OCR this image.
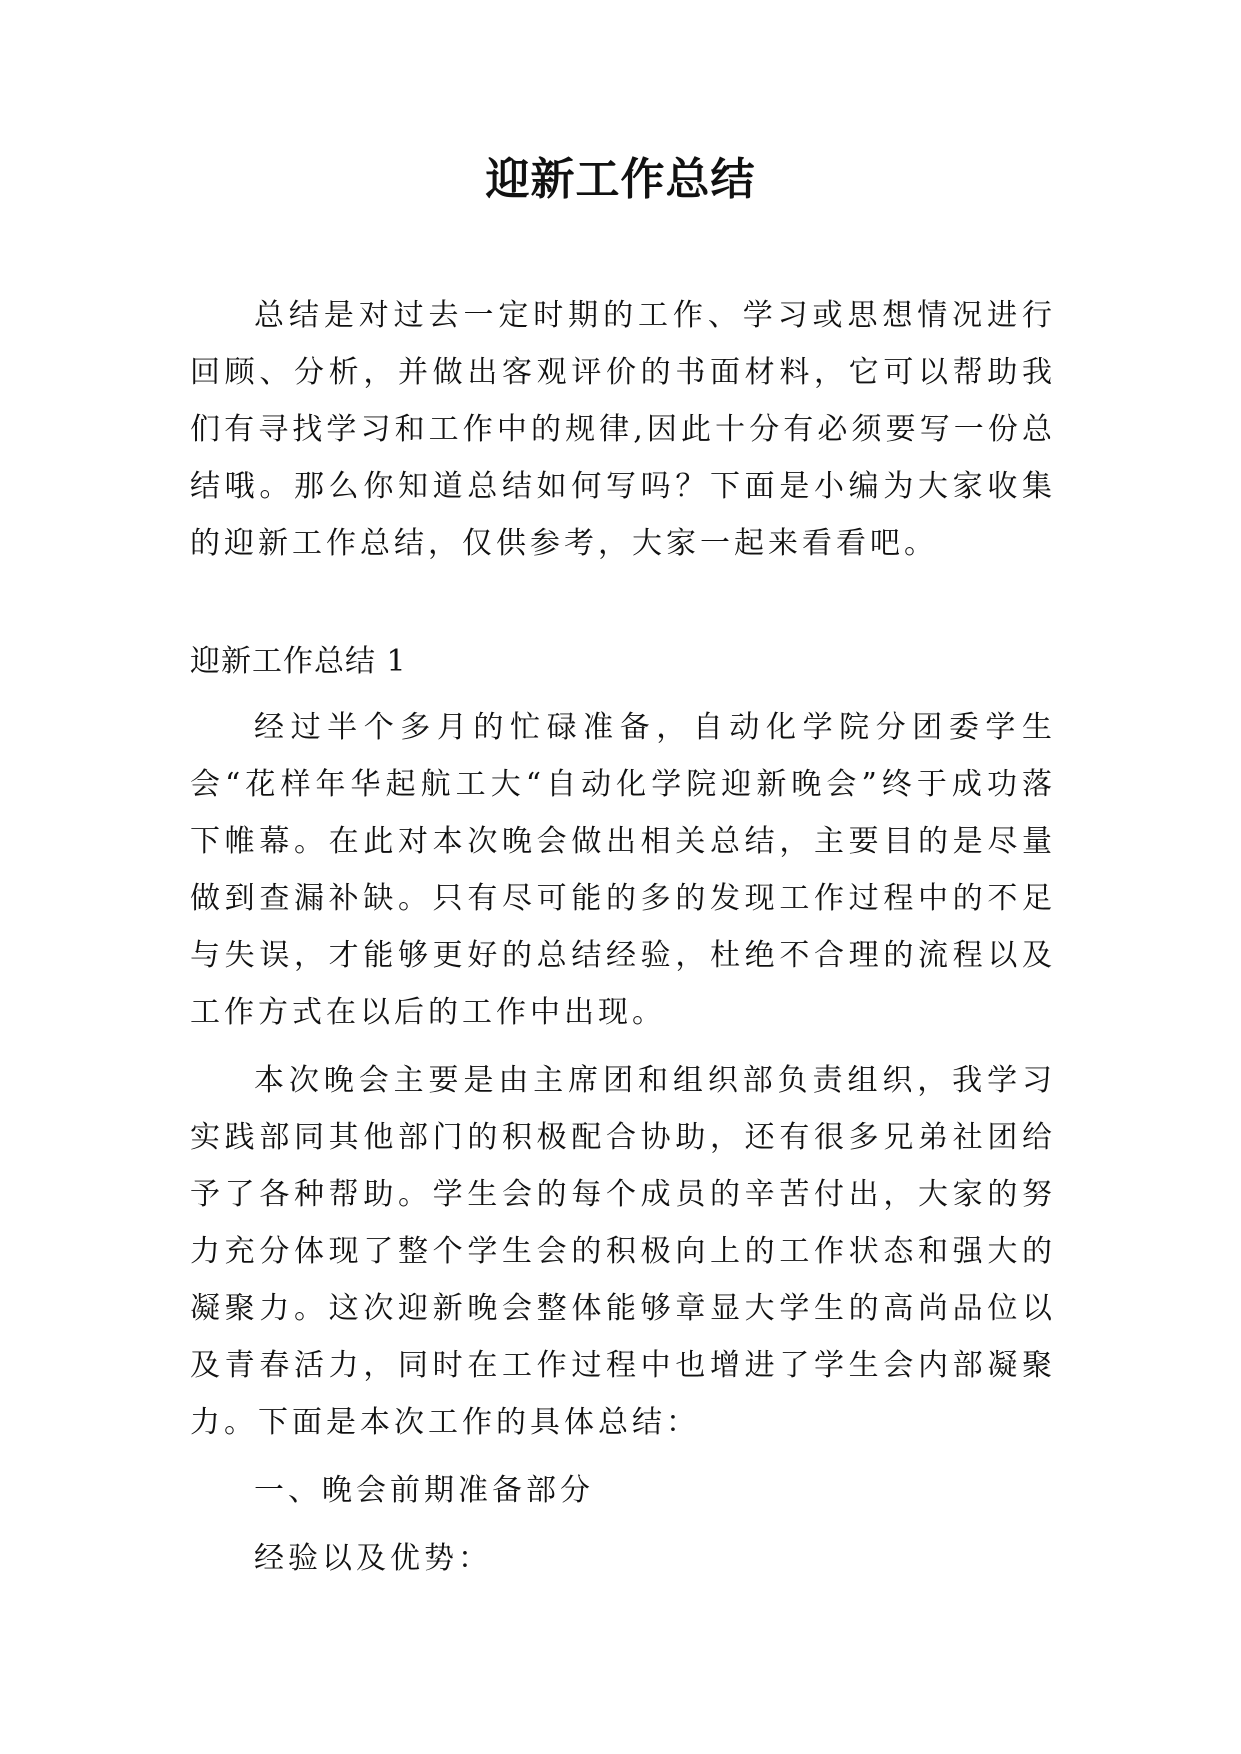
迎新工作总结

总结是对过去一定时期的工作、学习或思想情况进行回顾、分析，并做出客观评价的书面材料，它可以帮助我们有寻找学习和工作中的规律,因此十分有必须要写一份总结哦。那么你知道总结如何写吗？下面是小编为大家收集的迎新工作总结，仅供参考，大家一起来看看吧。

迎新工作总结 1

经过半个多月的忙碌准备，自动化学院分团委学生会“花样年华起航工大“自动化学院迎新晚会”终于成功落下帷幕。在此对本次晚会做出相关总结，主要目的是尽量做到查漏补缺。只有尽可能的多的发现工作过程中的不足与失误，才能够更好的总结经验，杜绝不合理的流程以及工作方式在以后的工作中出现。

本次晚会主要是由主席团和组织部负责组织，我学习实践部同其他部门的积极配合协助，还有很多兄弟社团给予了各种帮助。学生会的每个成员的辛苦付出，大家的努力充分体现了整个学生会的积极向上的工作状态和强大的凝聚力。这次迎新晚会整体能够章显大学生的高尚品位以及青春活力，同时在工作过程中也增进了学生会内部凝聚力。下面是本次工作的具体总结：

一、晚会前期准备部分

经验以及优势：
